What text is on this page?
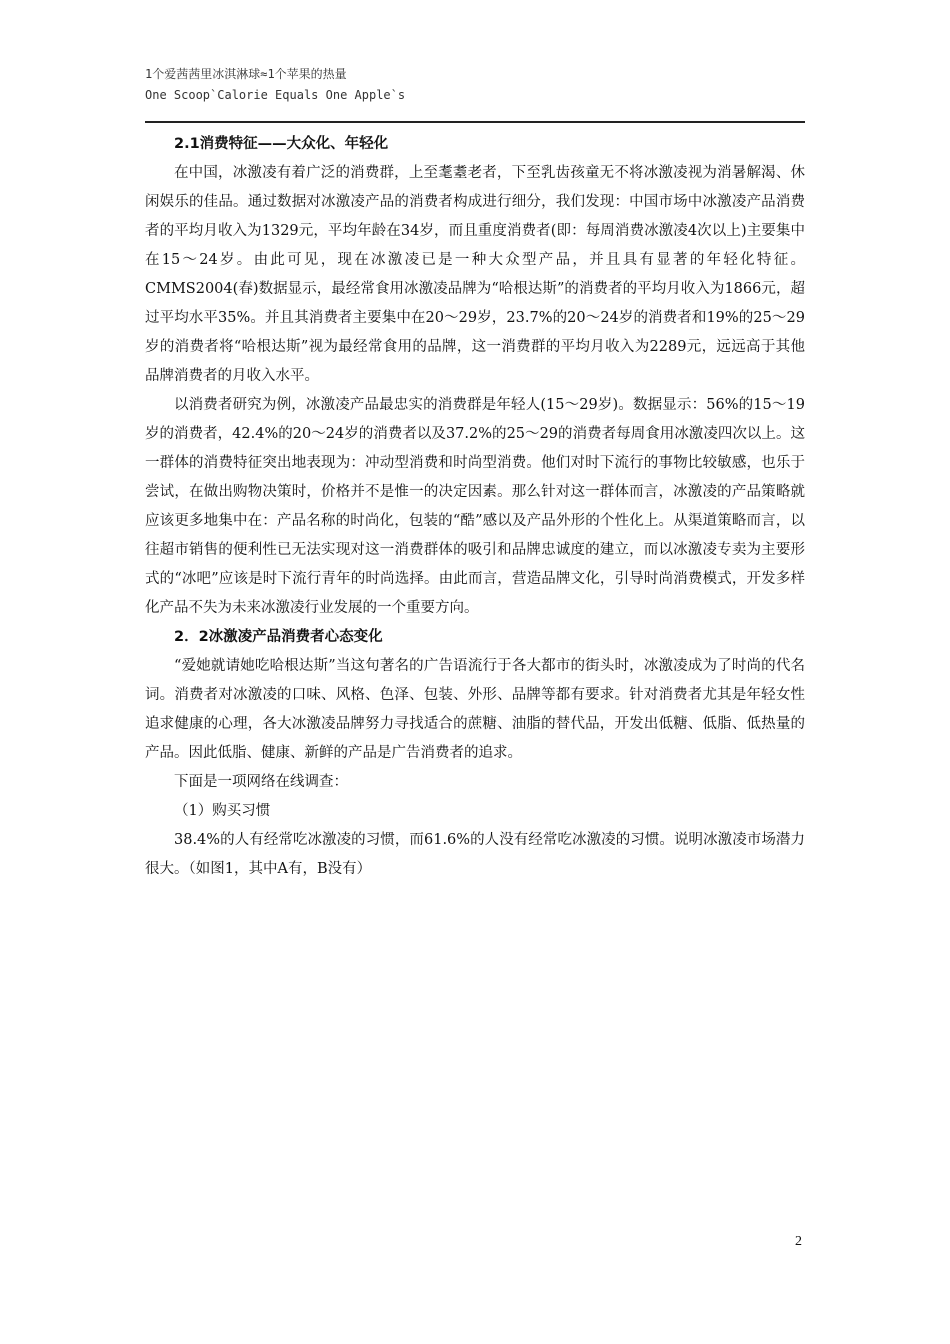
1个爱茜茜里冰淇淋球≈1个苹果的热量
One Scoop`Calorie Equals One Apple`s

2.1消费特征——大众化、年轻化

在中国，冰激凌有着广泛的消费群，上至耄耋老者，下至乳齿孩童无不将冰激凌视为消暑解渴、休闲娱乐的佳品。通过数据对冰激凌产品的消费者构成进行细分，我们发现：中国市场中冰激凌产品消费者的平均月收入为1329元，平均年龄在34岁，而且重度消费者(即：每周消费冰激凌4次以上)主要集中在15～24岁。由此可见，现在冰激凌已是一种大众型产品，并且具有显著的年轻化特征。CMMS2004(春)数据显示，最经常食用冰激凌品牌为“哈根达斯”的消费者的平均月收入为1866元，超过平均水平35%。并且其消费者主要集中在20～29岁，23.7%的20～24岁的消费者和19%的25～29岁的消费者将“哈根达斯”视为最经常食用的品牌，这一消费群的平均月收入为2289元，远远高于其他品牌消费者的月收入水平。

以消费者研究为例，冰激凌产品最忠实的消费群是年轻人(15～29岁)。数据显示：56%的15～19岁的消费者，42.4%的20～24岁的消费者以及37.2%的25～29的消费者每周食用冰激凌四次以上。这一群体的消费特征突出地表现为：冲动型消费和时尚型消费。他们对时下流行的事物比较敏感，也乐于尝试，在做出购物决策时，价格并不是惟一的决定因素。那么针对这一群体而言，冰激凌的产品策略就应该更多地集中在：产品名称的时尚化，包装的“酷”感以及产品外形的个性化上。从渠道策略而言，以往超市销售的便利性已无法实现对这一消费群体的吸引和品牌忠诚度的建立，而以冰激凌专卖为主要形式的“冰吧”应该是时下流行青年的时尚选择。由此而言，营造品牌文化，引导时尚消费模式，开发多样化产品不失为未来冰激凌行业发展的一个重要方向。

2．2冰激凌产品消费者心态变化

“爱她就请她吃哈根达斯”当这句著名的广告语流行于各大都市的街头时，冰激凌成为了时尚的代名词。消费者对冰激凌的口味、风格、色泽、包装、外形、品牌等都有要求。针对消费者尤其是年轻女性追求健康的心理，各大冰激凌品牌努力寻找适合的蔗糖、油脂的替代品，开发出低糖、低脂、低热量的产品。因此低脂、健康、新鲜的产品是广告消费者的追求。

下面是一项网络在线调查：

（1）购买习惯

38.4%的人有经常吃冰激凌的习惯，而61.6%的人没有经常吃冰激凌的习惯。说明冰激凌市场潜力很大。（如图1，其中A有，B没有）

2
